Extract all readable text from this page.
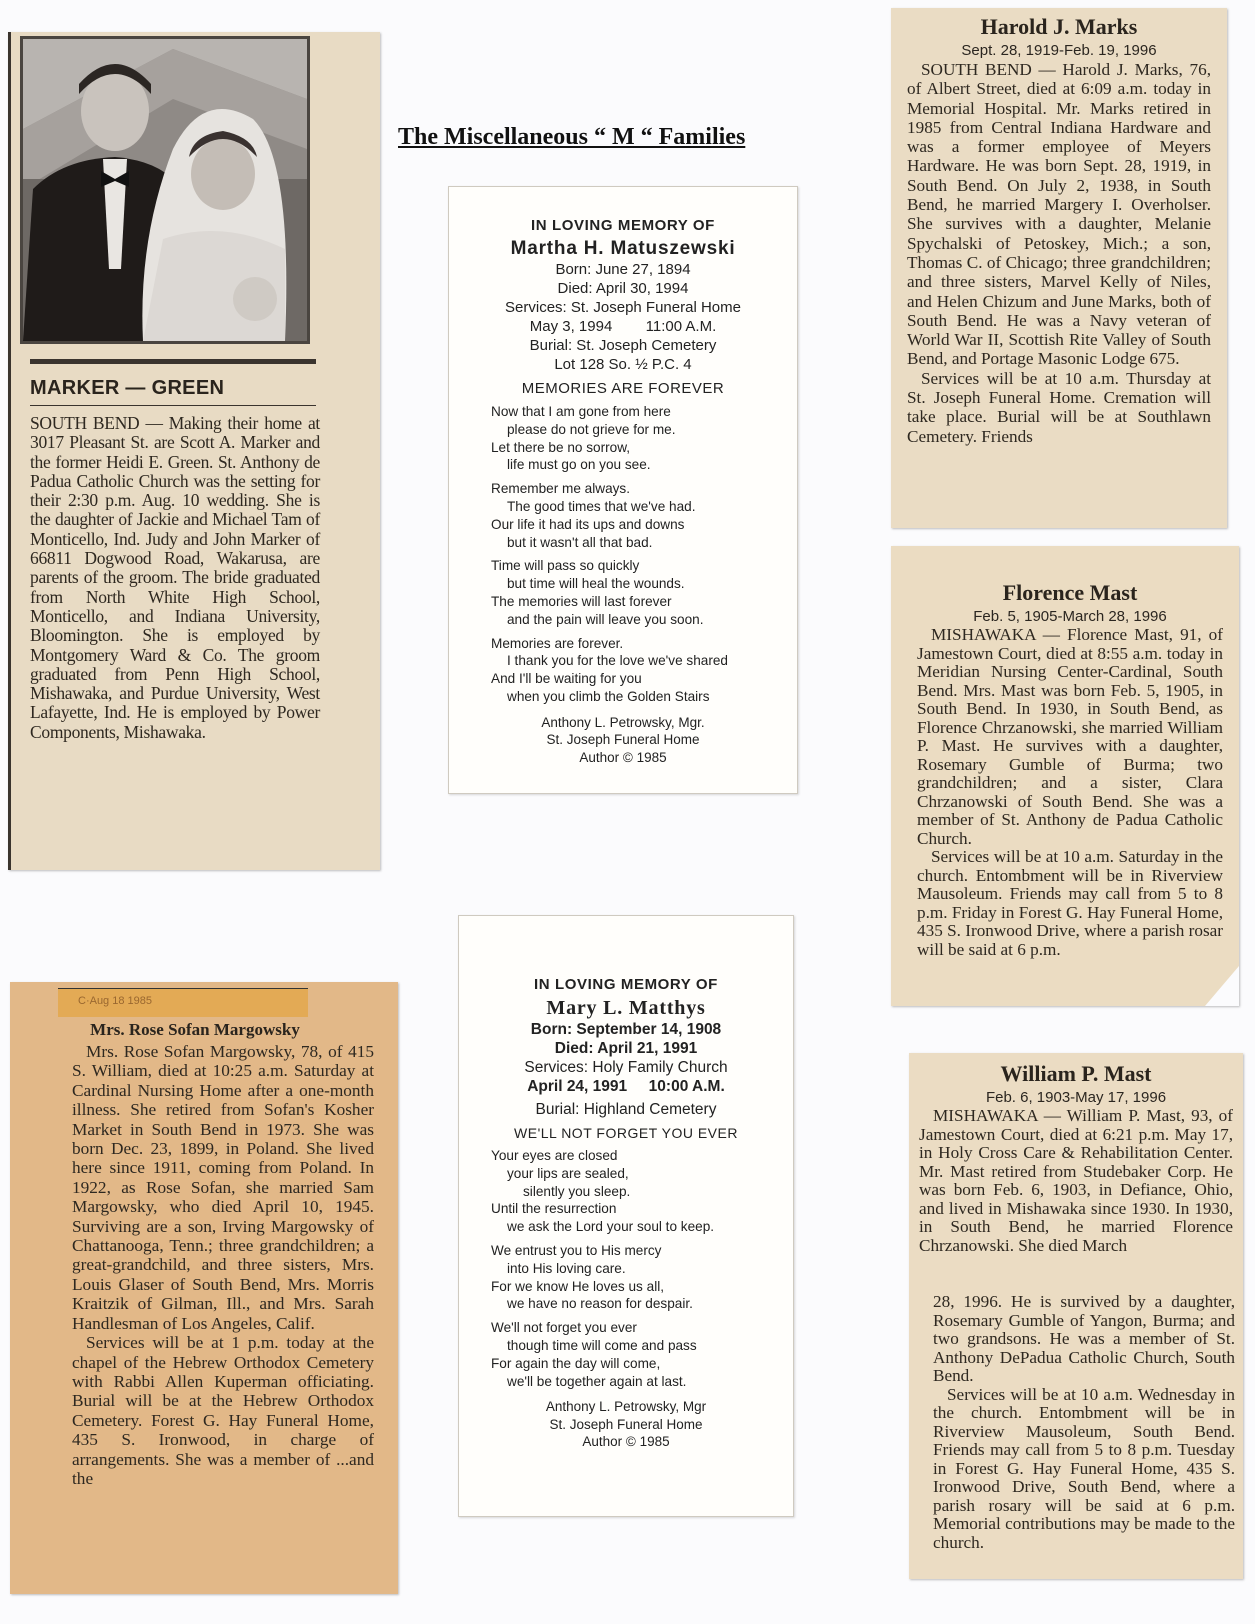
The Miscellaneous “ M “ Families
MARKER — GREEN
SOUTH BEND — Making their home at 3017 Pleasant St. are Scott A. Marker and the former Heidi E. Green. St. Anthony de Padua Catholic Church was the setting for their 2:30 p.m. Aug. 10 wedding. She is the daughter of Jackie and Michael Tam of Monticello, Ind. Judy and John Marker of 66811 Dogwood Road, Wakarusa, are parents of the groom. The bride graduated from North White High School, Monticello, and Indiana University, Bloomington. She is employed by Montgomery Ward & Co. The groom graduated from Penn High School, Mishawaka, and Purdue University, West Lafayette, Ind. He is employed by Power Components, Mishawaka.
IN LOVING MEMORY OF
Martha H. Matuszewski
Born: June 27, 1894
Died: April 30, 1994
Services: St. Joseph Funeral Home
May 3, 1994        11:00 A.M.
Burial: St. Joseph Cemetery
Lot 128 So. ½ P.C. 4
MEMORIES ARE FOREVER
Now that I am gone from here
please do not grieve for me.
Let there be no sorrow,
life must go on you see.
Remember me always.
The good times that we've had.
Our life it had its ups and downs
but it wasn't all that bad.
Time will pass so quickly
but time will heal the wounds.
The memories will last forever
and the pain will leave you soon.
Memories are forever.
I thank you for the love we've shared
And I'll be waiting for you
when you climb the Golden Stairs
Anthony L. Petrowsky, Mgr.
St. Joseph Funeral Home
Author © 1985
Harold J. Marks
Sept. 28, 1919-Feb. 19, 1996

SOUTH BEND — Harold J. Marks, 76, of Albert Street, died at 6:09 a.m. today in Memorial Hospital. Mr. Marks retired in 1985 from Central Indiana Hardware and was a former employee of Meyers Hardware. He was born Sept. 28, 1919, in South Bend. On July 2, 1938, in South Bend, he married Margery I. Overholser. She survives with a daughter, Melanie Spychalski of Petoskey, Mich.; a son, Thomas C. of Chicago; three grandchildren; and three sisters, Marvel Kelly of Niles, and Helen Chizum and June Marks, both of South Bend. He was a Navy veteran of World War II, Scottish Rite Valley of South Bend, and Portage Masonic Lodge 675.

Services will be at 10 a.m. Thursday at St. Joseph Funeral Home. Cremation will take place. Burial will be at Southlawn Cemetery. Friends

Florence Mast
Feb. 5, 1905-March 28, 1996

MISHAWAKA — Florence Mast, 91, of Jamestown Court, died at 8:55 a.m. today in Meridian Nursing Center-Cardinal, South Bend. Mrs. Mast was born Feb. 5, 1905, in South Bend. In 1930, in South Bend, as Florence Chrzanowski, she married William P. Mast. He survives with a daughter, Rosemary Gumble of Burma; two grandchildren; and a sister, Clara Chrzanowski of South Bend. She was a member of St. Anthony de Padua Catholic Church.

Services will be at 10 a.m. Saturday in the church. Entombment will be in Riverview Mausoleum. Friends may call from 5 to 8 p.m. Friday in Forest G. Hay Funeral Home, 435 S. Ironwood Drive, where a parish rosar will be said at 6 p.m.

C·Aug 18 1985
Mrs. Rose Sofan Margowsky

Mrs. Rose Sofan Margowsky, 78, of 415 S. William, died at 10:25 a.m. Saturday at Cardinal Nursing Home after a one-month illness. She retired from Sofan's Kosher Market in South Bend in 1973. She was born Dec. 23, 1899, in Poland. She lived here since 1911, coming from Poland. In 1922, as Rose Sofan, she married Sam Margowsky, who died April 10, 1945. Surviving are a son, Irving Margowsky of Chattanooga, Tenn.; three grandchildren; a great-grandchild, and three sisters, Mrs. Louis Glaser of South Bend, Mrs. Morris Kraitzik of Gilman, Ill., and Mrs. Sarah Handlesman of Los Angeles, Calif.

Services will be at 1 p.m. today at the chapel of the Hebrew Orthodox Cemetery with Rabbi Allen Kuperman officiating. Burial will be at the Hebrew Orthodox Cemetery. Forest G. Hay Funeral Home, 435 S. Ironwood, in charge of arrangements. She was a member of ...and the

IN LOVING MEMORY OF
Mary L. Matthys
Born: September 14, 1908
Died: April 21, 1991
Services: Holy Family Church
April 24, 1991     10:00 A.M.
Burial: Highland Cemetery
WE'LL NOT FORGET YOU EVER
Your eyes are closed
your lips are sealed,
silently you sleep.
Until the resurrection
we ask the Lord your soul to keep.
We entrust you to His mercy
into His loving care.
For we know He loves us all,
we have no reason for despair.
We'll not forget you ever
though time will come and pass
For again the day will come,
we'll be together again at last.
Anthony L. Petrowsky, Mgr
St. Joseph Funeral Home
Author © 1985
William P. Mast
Feb. 6, 1903-May 17, 1996

MISHAWAKA — William P. Mast, 93, of Jamestown Court, died at 6:21 p.m. May 17, in Holy Cross Care & Rehabilitation Center. Mr. Mast retired from Studebaker Corp. He was born Feb. 6, 1903, in Defiance, Ohio, and lived in Mishawaka since 1930. In 1930, in South Bend, he married Florence Chrzanowski. She died March

28, 1996. He is survived by a daughter, Rosemary Gumble of Yangon, Burma; and two grandsons. He was a member of St. Anthony DePadua Catholic Church, South Bend.

Services will be at 10 a.m. Wednesday in the church. Entombment will be in Riverview Mausoleum, South Bend. Friends may call from 5 to 8 p.m. Tuesday in Forest G. Hay Funeral Home, 435 S. Ironwood Drive, South Bend, where a parish rosary will be said at 6 p.m. Memorial contributions may be made to the church.
